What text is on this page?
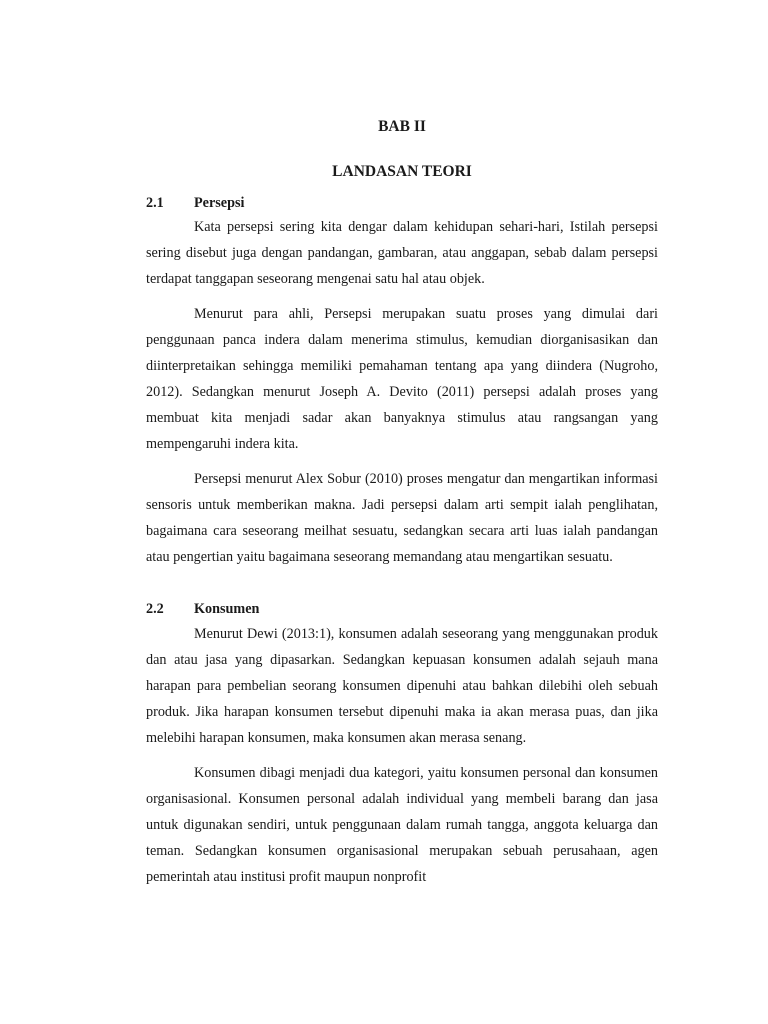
BAB II
LANDASAN TEORI
2.1 Persepsi

Kata persepsi sering kita dengar dalam kehidupan sehari-hari, Istilah persepsi sering disebut juga dengan pandangan, gambaran, atau anggapan, sebab dalam persepsi terdapat tanggapan seseorang mengenai satu hal atau objek.

Menurut para ahli, Persepsi merupakan suatu proses yang dimulai dari penggunaan panca indera dalam menerima stimulus, kemudian diorganisasikan dan diinterpretaikan sehingga memiliki pemahaman tentang apa yang diindera (Nugroho, 2012). Sedangkan menurut Joseph A. Devito (2011) persepsi adalah proses yang membuat kita menjadi sadar akan banyaknya stimulus atau rangsangan yang mempengaruhi indera kita.

Persepsi menurut Alex Sobur (2010) proses mengatur dan mengartikan informasi sensoris untuk memberikan makna. Jadi persepsi dalam arti sempit ialah penglihatan, bagaimana cara seseorang meilhat sesuatu, sedangkan secara arti luas ialah pandangan atau pengertian yaitu bagaimana seseorang memandang atau mengartikan sesuatu.

2.2 Konsumen

Menurut Dewi (2013:1), konsumen adalah seseorang yang menggunakan produk dan atau jasa yang dipasarkan. Sedangkan kepuasan konsumen adalah sejauh mana harapan para pembelian seorang konsumen dipenuhi atau bahkan dilebihi oleh sebuah produk. Jika harapan konsumen tersebut dipenuhi maka ia akan merasa puas, dan jika melebihi harapan konsumen, maka konsumen akan merasa senang.

Konsumen dibagi menjadi dua kategori, yaitu konsumen personal dan konsumen organisasional. Konsumen personal adalah individual yang membeli barang dan jasa untuk digunakan sendiri, untuk penggunaan dalam rumah tangga, anggota keluarga dan teman. Sedangkan konsumen organisasional merupakan sebuah perusahaan, agen pemerintah atau institusi profit maupun nonprofit
